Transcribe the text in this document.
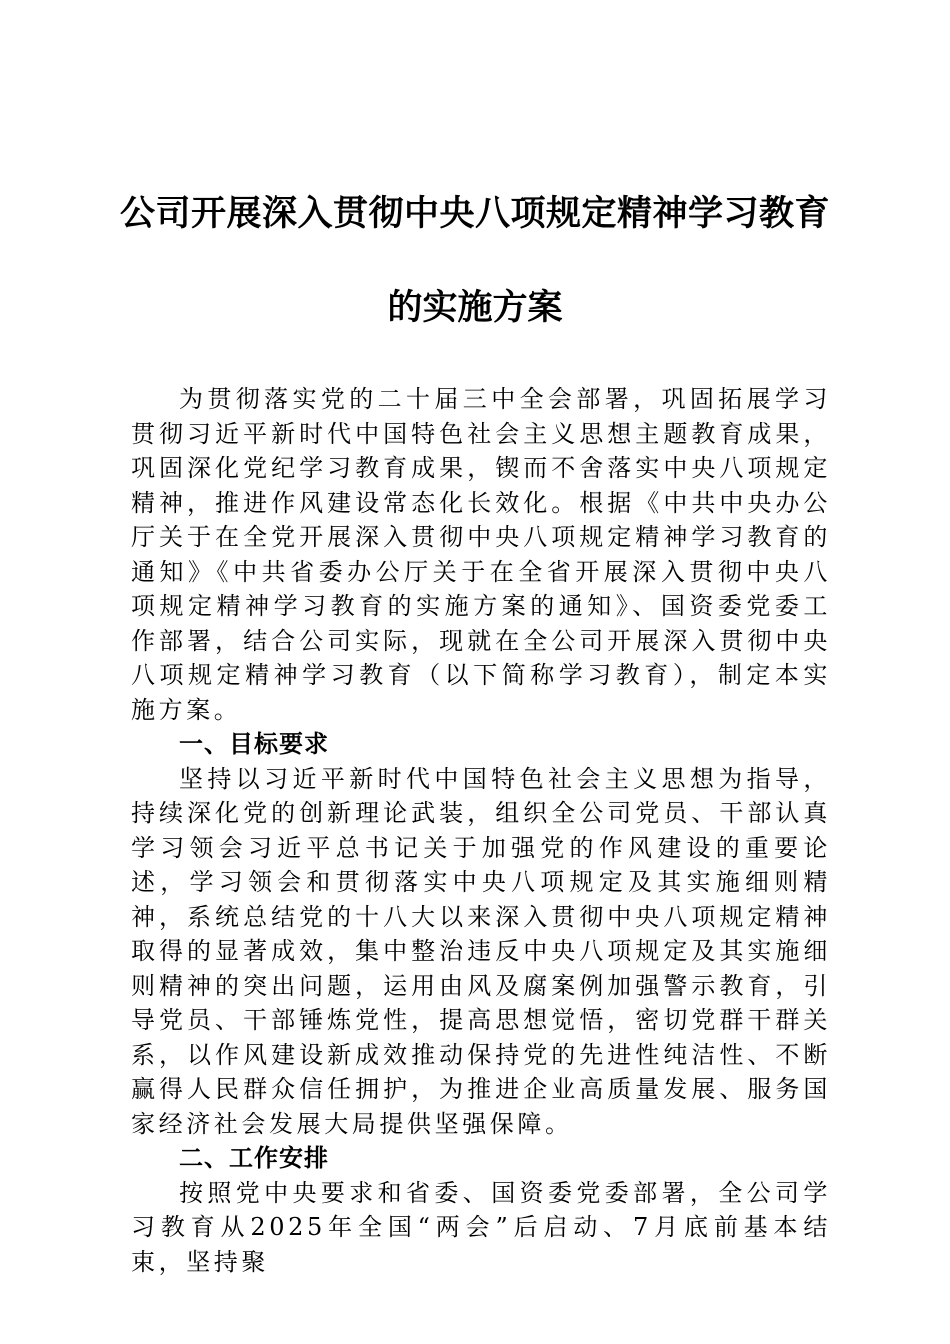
公司开展深入贯彻中央八项规定精神学习教育
的实施方案

为贯彻落实党的二十届三中全会部署，巩固拓展学习贯彻习近平新时代中国特色社会主义思想主题教育成果，巩固深化党纪学习教育成果，锲而不舍落实中央八项规定精神，推进作风建设常态化长效化。根据《中共中央办公厅关于在全党开展深入贯彻中央八项规定精神学习教育的通知》《中共省委办公厅关于在全省开展深入贯彻中央八项规定精神学习教育的实施方案的通知》、国资委党委工作部署，结合公司实际，现就在全公司开展深入贯彻中央八项规定精神学习教育（以下简称学习教育），制定本实施方案。

一、目标要求

坚持以习近平新时代中国特色社会主义思想为指导，持续深化党的创新理论武装，组织全公司党员、干部认真学习领会习近平总书记关于加强党的作风建设的重要论述，学习领会和贯彻落实中央八项规定及其实施细则精神，系统总结党的十八大以来深入贯彻中央八项规定精神取得的显著成效，集中整治违反中央八项规定及其实施细则精神的突出问题，运用由风及腐案例加强警示教育，引导党员、干部锤炼党性，提高思想觉悟，密切党群干群关系，以作风建设新成效推动保持党的先进性纯洁性、不断赢得人民群众信任拥护，为推进企业高质量发展、服务国家经济社会发展大局提供坚强保障。

二、工作安排

按照党中央要求和省委、国资委党委部署，全公司学习教育从2025年全国“两会”后启动、7月底前基本结束，坚持聚
